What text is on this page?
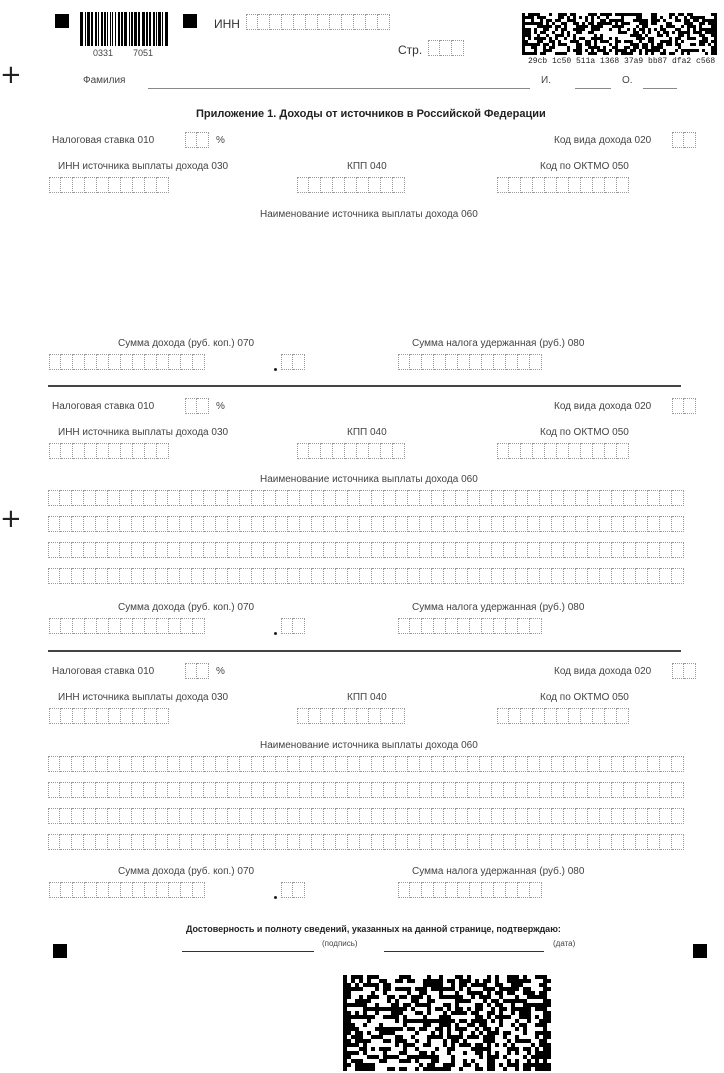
+
+
0331 7051
ИНН
Стр.
29cb 1c50 511a 1368 37a9 bb87 dfa2 c568
Фамилия	И.	О.
Приложение 1. Доходы от источников в Российской Федерации
Налоговая ставка 010	%	Код вида дохода 020
ИНН источника выплаты дохода 030	КПП 040	Код по ОКТМО 050
Наименование источника выплаты дохода 060
Сумма дохода (руб. коп.) 070	Сумма налога удержанная (руб.) 080
Налоговая ставка 010	%	Код вида дохода 020
ИНН источника выплаты дохода 030	КПП 040	Код по ОКТМО 050
Наименование источника выплаты дохода 060
Сумма дохода (руб. коп.) 070	Сумма налога удержанная (руб.) 080
Налоговая ставка 010	%	Код вида дохода 020
ИНН источника выплаты дохода 030	КПП 040	Код по ОКТМО 050
Наименование источника выплаты дохода 060
Сумма дохода (руб. коп.) 070	Сумма налога удержанная (руб.) 080
Достоверность и полноту сведений, указанных на данной странице, подтверждаю:
(подпись)	(дата)
